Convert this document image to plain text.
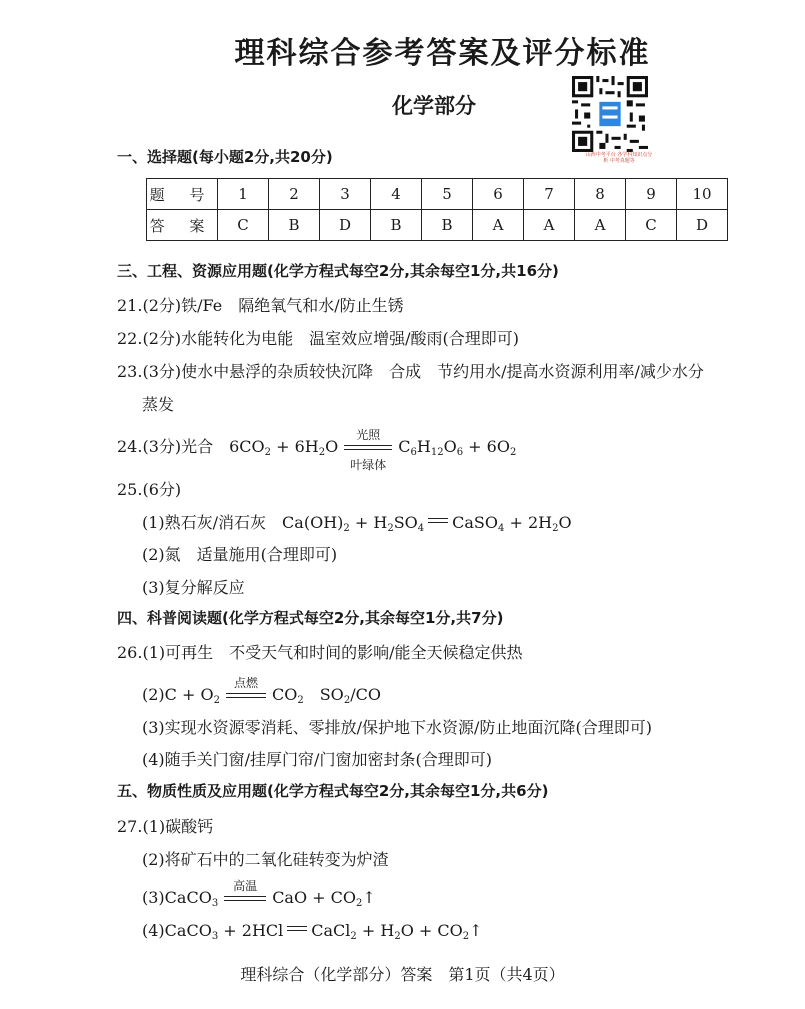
理科综合参考答案及评分标准
化学部分
山西中考平台 各学科知识点分析 中考真题等
一、选择题(每小题2分,共20分)
题 号	1	2	3	4	5	6	7	8	9	10
答 案	C	B	D	B	B	A	A	A	C	D
三、工程、资源应用题(化学方程式每空2分,其余每空1分,共16分)
21.(2分)铁/Fe　隔绝氧气和水/防止生锈
22.(2分)水能转化为电能　温室效应增强/酸雨(合理即可)
23.(3分)使水中悬浮的杂质较快沉降　合成　节约用水/提高水资源利用率/减少水分
蒸发
24.(3分)光合　$6CO_2 + 6H_2O$
光照
叶绿体
$C_6H_{12}O_6 + 6O_2$
25.(6分)
(1)熟石灰/消石灰　$Ca(OH)_2 + H_2SO_4$ CaSO$_4$ + $2H_2O$
(2)氮　适量施用(合理即可)
(3)复分解反应
四、科普阅读题(化学方程式每空2分,其余每空1分,共7分)
26.(1)可再生　不受天气和时间的影响/能全天候稳定供热
$(2)C + O_2$
点燃
$CO_2$　$SO_2/CO$
(3)实现水资源零消耗、零排放/保护地下水资源/防止地面沉降(合理即可)
(4)随手关门窗/挂厚门帘/门窗加密封条(合理即可)
五、物质性质及应用题(化学方程式每空2分,其余每空1分,共6分)
27.(1)碳酸钙
(2)将矿石中的二氧化硅转变为炉渣
(3)CaCO$_3$
高温
CaO + $CO_2↑$
(4)CaCO$_3$ + 2HCl CaCl$_2$ + $H_2O$ + $CO_2↑$
理科综合（化学部分）答案　第1页（共4页）
